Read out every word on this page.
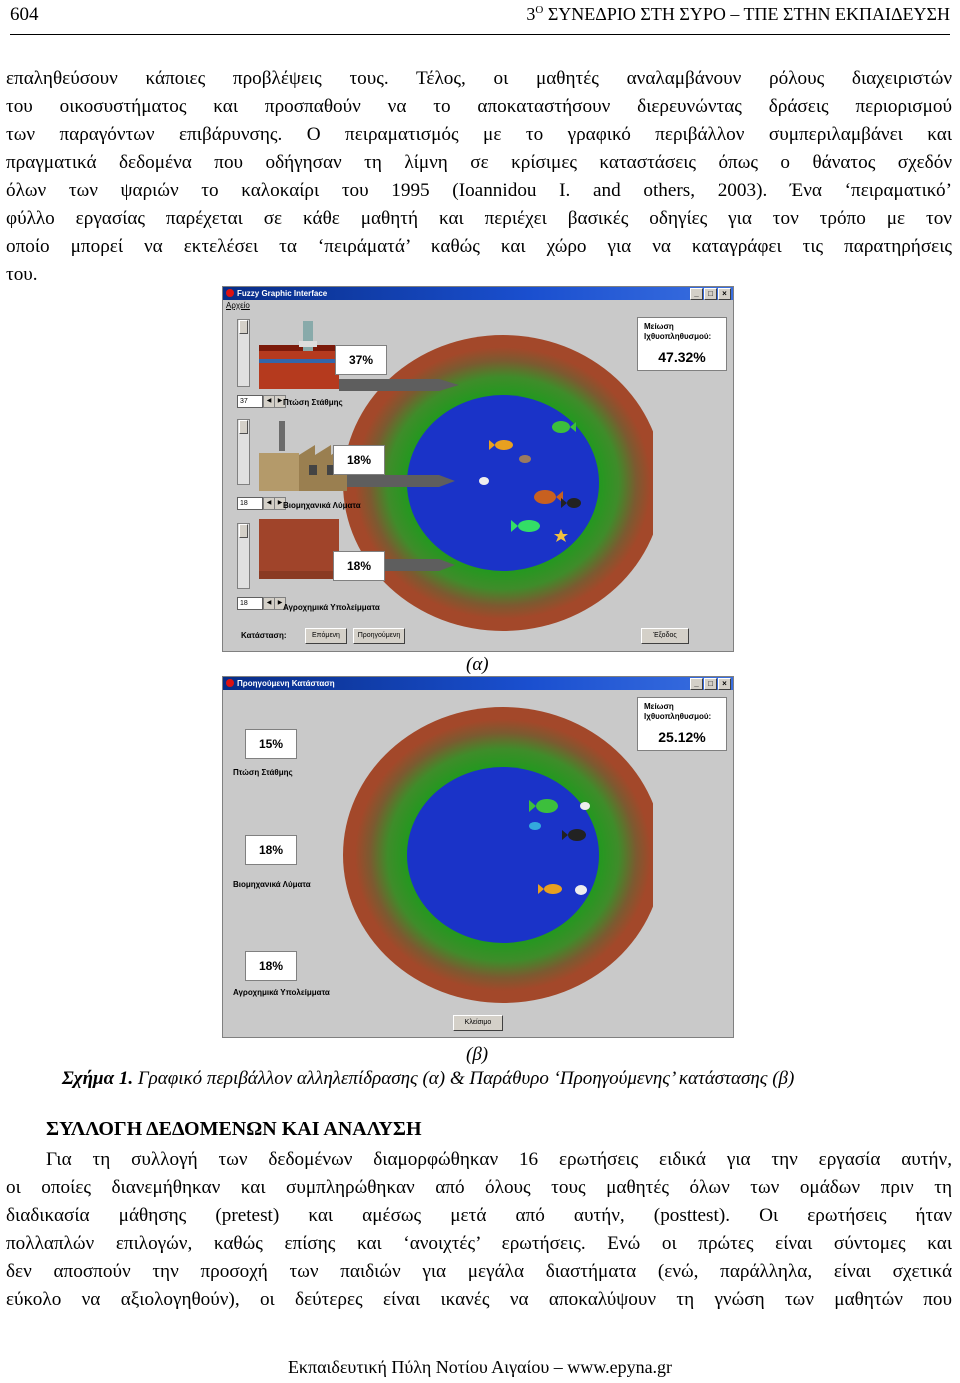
604	$3^O$ ΣΥΝΕΔΡΙΟ ΣΤΗ ΣΥΡΟ – ΤΠΕ ΣΤΗΝ ΕΚΠΑΙΔΕΥΣΗ
επαληθεύσουν κάποιες προβλέψεις τους. Τέλος, οι μαθητές αναλαμβάνουν ρόλους διαχειριστών
του οικοσυστήματος και προσπαθούν να το αποκαταστήσουν διερευνώντας δράσεις περιορισμού
των παραγόντων επιβάρυνσης. Ο πειραματισμός με το γραφικό περιβάλλον συμπεριλαμβάνει και
πραγματικά δεδομένα που οδήγησαν τη λίμνη σε κρίσιμες καταστάσεις όπως ο θάνατος σχεδόν
όλων των ψαριών το καλοκαίρι του 1995 (Ioannidou I. and others, 2003). Ένα ‘πειραματικό’
φύλλο εργασίας παρέχεται σε κάθε μαθητή και περιέχει βασικές οδηγίες για τον τρόπο με τον
οποίο μπορεί να εκτελέσει τα ‘πειράματά’ καθώς και χώρο για να καταγράφει τις παρατηρήσεις
του.
Fuzzy Graphic Interface	_	□	×
Αρχείο
37%
37	◀	▶ Πτώση Στάθμης
18%
18	◀	▶ Βιομηχανικά Λύματα
18%
18	◀	▶ Αγροχημικά Υπολείμματα
Μείωση
Ιχθυοπληθυσμού:
47.32%
Κατάσταση:	Επόμενη	Προηγούμενη	Έξοδος
(α)
Προηγούμενη Κατάσταση	_	□	×
15%
Πτώση Στάθμης
18%
Βιομηχανικά Λύματα
18%
Αγροχημικά Υπολείμματα
Μείωση
Ιχθυοπληθυσμού:
25.12%
Κλείσιμο
(β)
Σχήμα 1. Γραφικό περιβάλλον αλληλεπίδρασης (α) & Παράθυρο ‘Προηγούμενης’ κατάστασης (β)
ΣΥΛΛΟΓΗ ΔΕΔΟΜΕΝΩΝ ΚΑΙ ΑΝΑΛΥΣΗ
Για τη συλλογή των δεδομένων διαμορφώθηκαν 16 ερωτήσεις ειδικά για την εργασία αυτήν,
οι οποίες διανεμήθηκαν και συμπληρώθηκαν από όλους τους μαθητές όλων των ομάδων πριν τη
διαδικασία μάθησης (pretest) και αμέσως μετά από αυτήν, (posttest). Οι ερωτήσεις ήταν
πολλαπλών επιλογών, καθώς επίσης και ‘ανοιχτές’ ερωτήσεις. Ενώ οι πρώτες είναι σύντομες και
δεν αποσπούν την προσοχή των παιδιών για μεγάλα διαστήματα (ενώ, παράλληλα, είναι σχετικά
εύκολο να αξιολογηθούν), οι δεύτερες είναι ικανές να αποκαλύψουν τη γνώση των μαθητών που
Εκπαιδευτική Πύλη Νοτίου Αιγαίου – www.epyna.gr
